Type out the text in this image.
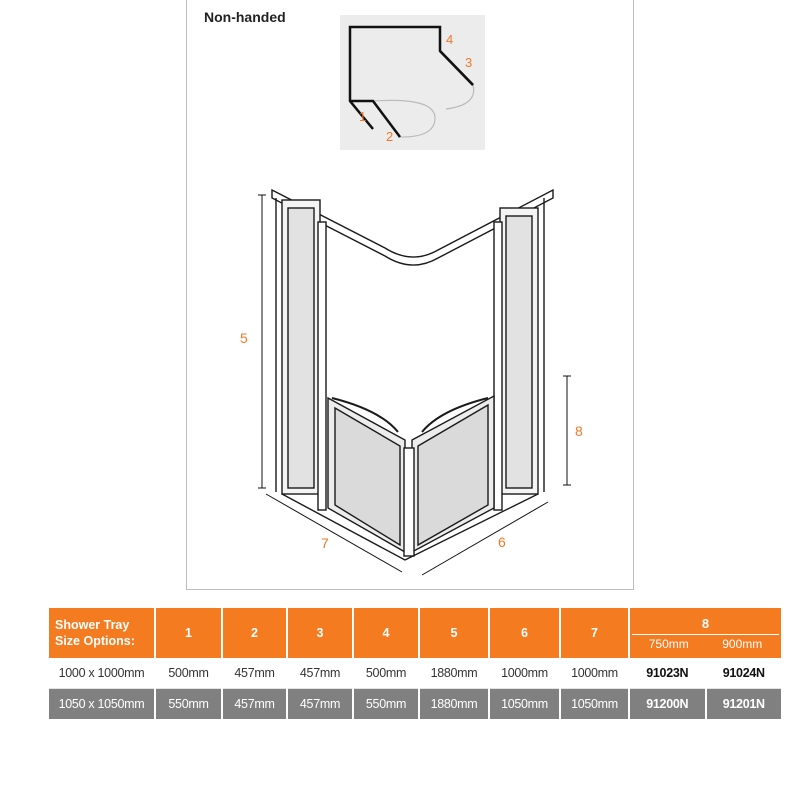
Non-handed
1
2
3
4
5
6
7
8
Shower Tray Size Options:	1	2	3	4	5	6	7	8
750mm 900mm	

1000 x 1000mm	500mm	457mm	457mm	500mm	1880mm	1000mm	1000mm	91023N	91024N
1050 x 1050mm	550mm	457mm	457mm	550mm	1880mm	1050mm	1050mm	91200N	91201N
